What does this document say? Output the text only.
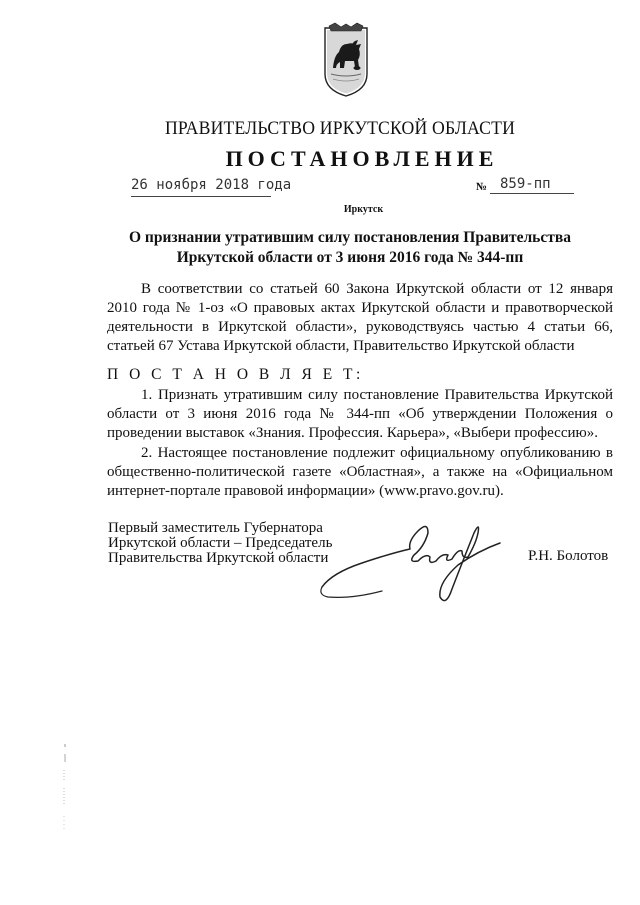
ПРАВИТЕЛЬСТВО ИРКУТСКОЙ ОБЛАСТИ
ПОСТАНОВЛЕНИЕ
26 ноября 2018 года	№ 859-пп
Иркутск
О признании утратившим силу постановления Правительства
Иркутской области от 3 июня 2016 года № 344-пп
В соответствии со статьей 60 Закона Иркутской области от 12 января 2010 года № 1-оз «О правовых актах Иркутской области и правотворческой деятельности в Иркутской области», руководствуясь частью 4 статьи 66, статьей 67 Устава Иркутской области, Правительство Иркутской области
П О С Т А Н О В Л Я Е Т:
1. Признать утратившим силу постановление Правительства Иркутской области от 3 июня 2016 года № 344-пп «Об утверждении Положения о проведении выставок «Знания. Профессия. Карьера», «Выбери профессию».
2. Настоящее постановление подлежит официальному опубликованию в общественно-политической газете «Областная», а также на «Официальном интернет-портале правовой информации» (www.pravo.gov.ru).
Первый заместитель Губернатора
Иркутской области – Председатель
Правительства Иркутской области	Р.Н. Болотов
